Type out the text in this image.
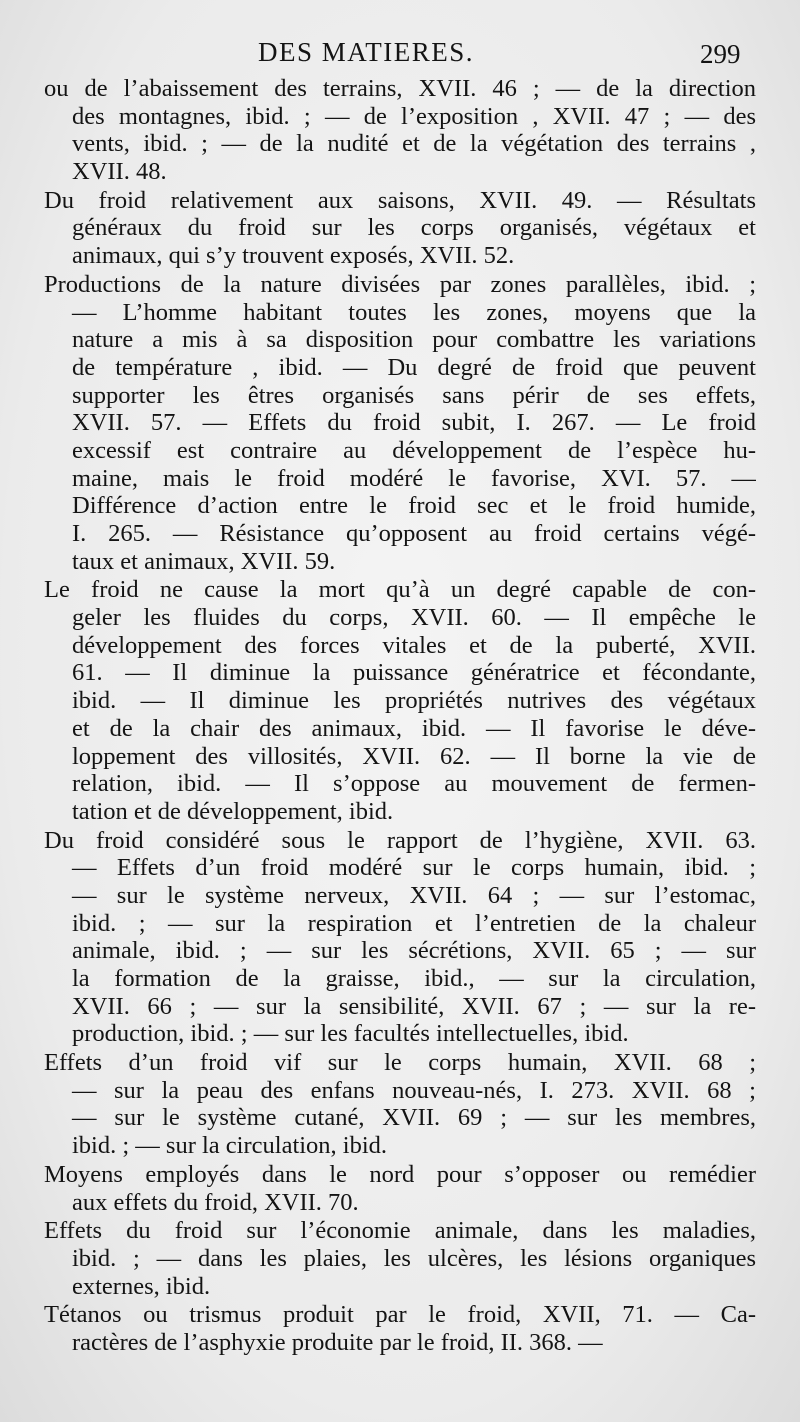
DES MATIERES.	299
ou de l’abaissement des terrains, XVII. 46 ; — de la direction
des montagnes, ibid. ; — de l’exposition , XVII. 47 ; — des
vents, ibid. ; — de la nudité et de la végétation des terrains ,
XVII. 48.
Du froid relativement aux saisons, XVII. 49. — Résultats
généraux du froid sur les corps organisés, végétaux et
animaux, qui s’y trouvent exposés, XVII. 52.
Productions de la nature divisées par zones parallèles, ibid. ;
— L’homme habitant toutes les zones, moyens que la
nature a mis à sa disposition pour combattre les variations
de température , ibid. — Du degré de froid que peuvent
supporter les êtres organisés sans périr de ses effets,
XVII. 57. — Effets du froid subit, I. 267. — Le froid
excessif est contraire au développement de l’espèce hu-
maine, mais le froid modéré le favorise, XVI. 57. —
Différence d’action entre le froid sec et le froid humide,
I. 265. — Résistance qu’opposent au froid certains végé-
taux et animaux, XVII. 59.
Le froid ne cause la mort qu’à un degré capable de con-
geler les fluides du corps, XVII. 60. — Il empêche le
développement des forces vitales et de la puberté, XVII.
61. — Il diminue la puissance génératrice et fécondante,
ibid. — Il diminue les propriétés nutrives des végétaux
et de la chair des animaux, ibid. — Il favorise le déve-
loppement des villosités, XVII. 62. — Il borne la vie de
relation, ibid. — Il s’oppose au mouvement de fermen-
tation et de développement, ibid.
Du froid considéré sous le rapport de l’hygiène, XVII. 63.
— Effets d’un froid modéré sur le corps humain, ibid. ;
— sur le système nerveux, XVII. 64 ; — sur l’estomac,
ibid. ; — sur la respiration et l’entretien de la chaleur
animale, ibid. ; — sur les sécrétions, XVII. 65 ; — sur
la formation de la graisse, ibid., — sur la circulation,
XVII. 66 ; — sur la sensibilité, XVII. 67 ; — sur la re-
production, ibid. ; — sur les facultés intellectuelles, ibid.
Effets d’un froid vif sur le corps humain, XVII. 68 ;
— sur la peau des enfans nouveau-nés, I. 273. XVII. 68 ;
— sur le système cutané, XVII. 69 ; — sur les membres,
ibid. ; — sur la circulation, ibid.
Moyens employés dans le nord pour s’opposer ou remédier
aux effets du froid, XVII. 70.
Effets du froid sur l’économie animale, dans les maladies,
ibid. ; — dans les plaies, les ulcères, les lésions organiques
externes, ibid.
Tétanos ou trismus produit par le froid, XVII, 71. — Ca-
ractères de l’asphyxie produite par le froid, II. 368. —
